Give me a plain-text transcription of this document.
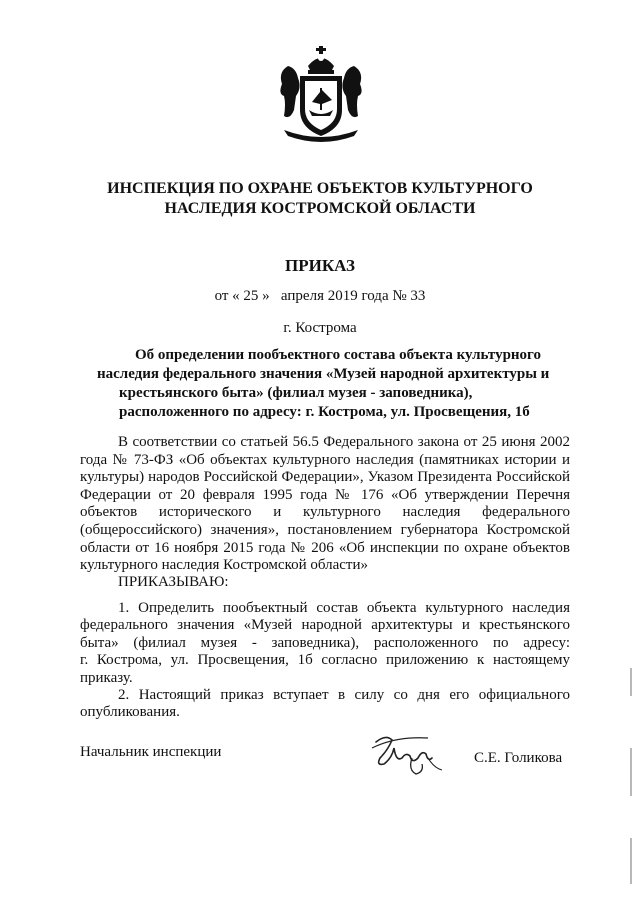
ИНСПЕКЦИЯ ПО ОХРАНЕ ОБЪЕКТОВ КУЛЬТУРНОГО
НАСЛЕДИЯ КОСТРОМСКОЙ ОБЛАСТИ
ПРИКАЗ
от « 25 »   апреля 2019 года № 33
г. Кострома
Об определении пообъектного состава объекта культурного
наследия федерального значения «Музей народной архитектуры и
крестьянского быта» (филиал музея - заповедника),
расположенного по адресу: г. Кострома, ул. Просвещения, 1б
В соответствии со статьей 56.5 Федерального закона от 25 июня 2002
года № 73-ФЗ «Об объектах культурного наследия (памятниках истории и
культуры) народов Российской Федерации», Указом Президента Российской
Федерации от 20 февраля 1995 года № 176 «Об утверждении Перечня
объектов исторического и культурного наследия федерального
(общероссийского) значения», постановлением губернатора Костромской
области от 16 ноября 2015 года № 206 «Об инспекции по охране объектов
культурного наследия Костромской области»
ПРИКАЗЫВАЮ:
1. Определить пообъектный состав объекта культурного наследия
федерального значения «Музей народной архитектуры и крестьянского
быта» (филиал музея - заповедника), расположенного по адресу:
г. Кострома, ул. Просвещения, 1б согласно приложению к настоящему
приказу.
2. Настоящий приказ вступает в силу со дня его официального
опубликования.
Начальник инспекции	С.Е. Голикова
